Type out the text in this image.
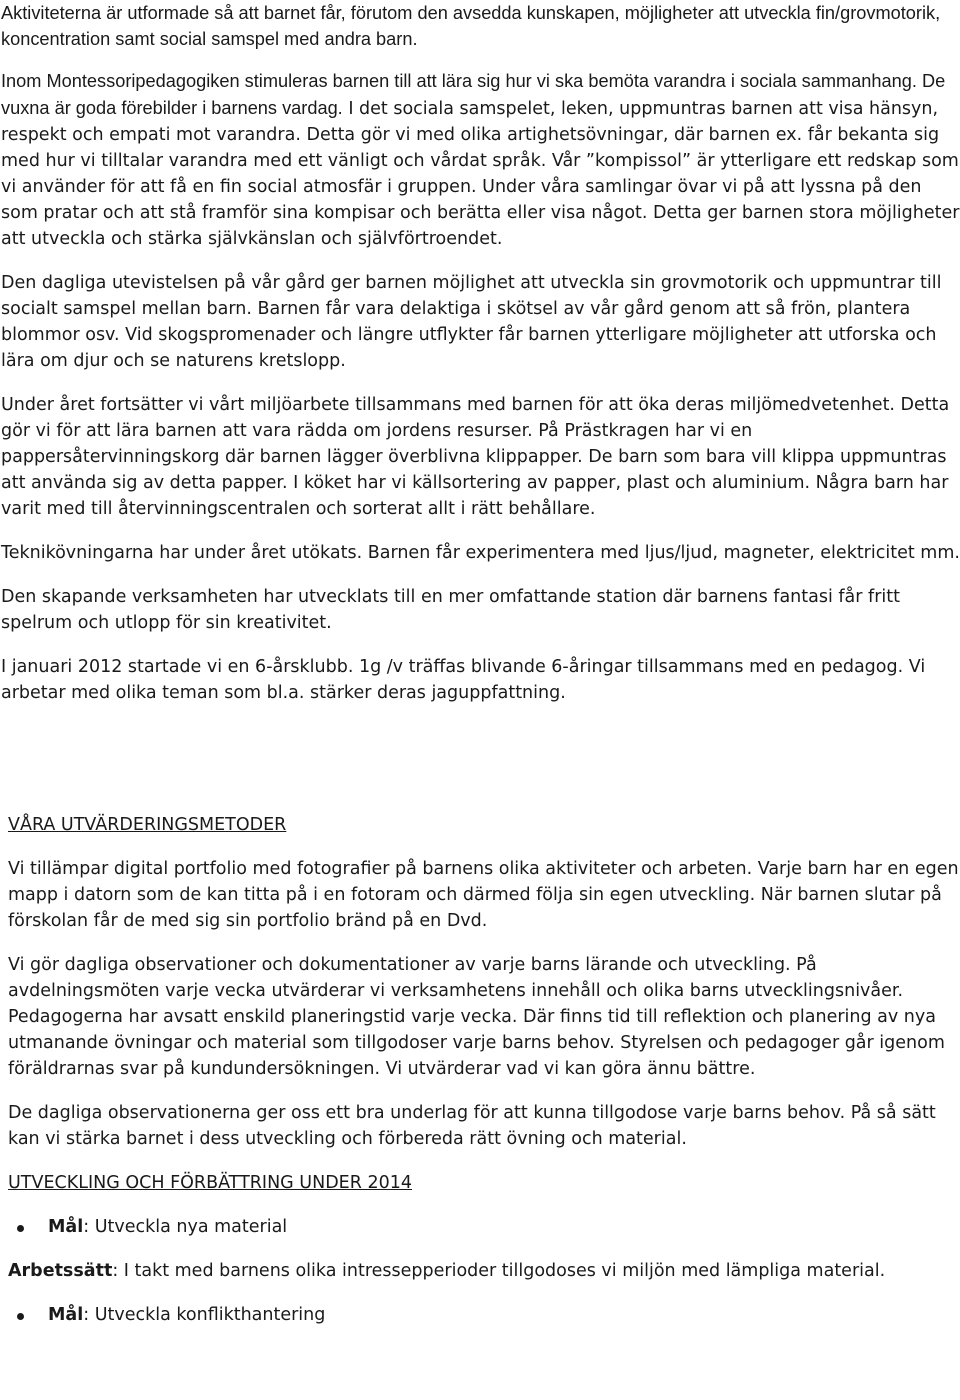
Aktiviteterna är utformade så att barnet får, förutom den avsedda kunskapen, möjligheter att utveckla fin/grovmotorik, koncentration samt social samspel med andra barn.

Inom Montessoripedagogiken stimuleras barnen till att lära sig hur vi ska bemöta varandra i sociala sammanhang. De vuxna är goda förebilder i barnens vardag. I det sociala samspelet, leken, uppmuntras barnen att visa hänsyn, respekt och empati mot varandra. Detta gör vi med olika artighetsövningar, där barnen ex. får bekanta sig med hur vi tilltalar varandra med ett vänligt och vårdat språk. Vår ”kompissol” är ytterligare ett redskap som vi använder för att få en fin social atmosfär i gruppen. Under våra samlingar övar vi på att lyssna på den som pratar och att stå framför sina kompisar och berätta eller visa något. Detta ger barnen stora möjligheter att utveckla och stärka självkänslan och självförtroendet.

Den dagliga utevistelsen på vår gård ger barnen möjlighet att utveckla sin grovmotorik och uppmuntrar till socialt samspel mellan barn. Barnen får vara delaktiga i skötsel av vår gård genom att så frön, plantera blommor osv. Vid skogspromenader och längre utflykter får barnen ytterligare möjligheter att utforska och lära om djur och se naturens kretslopp.

Under året fortsätter vi vårt miljöarbete tillsammans med barnen för att öka deras miljömedvetenhet. Detta gör vi för att lära barnen att vara rädda om jordens resurser. På Prästkragen har vi en pappersåtervinningskorg där barnen lägger överblivna klippapper. De barn som bara vill klippa uppmuntras att använda sig av detta papper. I köket har vi källsortering av papper, plast och aluminium. Några barn har varit med till återvinningscentralen och sorterat allt i rätt behållare.

Teknikövningarna har under året utökats. Barnen får experimentera med ljus/ljud, magneter, elektricitet mm.

Den skapande verksamheten har utvecklats till en mer omfattande station där barnens fantasi får fritt spelrum och utlopp för sin kreativitet.

I januari 2012 startade vi en 6-årsklubb. 1g /v träffas blivande 6-åringar tillsammans med en pedagog. Vi arbetar med olika teman som bl.a. stärker deras jaguppfattning.

VÅRA UTVÄRDERINGSMETODER

Vi tillämpar digital portfolio med fotografier på barnens olika aktiviteter och arbeten. Varje barn har en egen mapp i datorn som de kan titta på i en fotoram och därmed följa sin egen utveckling. När barnen slutar på förskolan får de med sig sin portfolio bränd på en Dvd.

Vi gör dagliga observationer och dokumentationer av varje barns lärande och utveckling. På avdelningsmöten varje vecka utvärderar vi verksamhetens innehåll och olika barns utvecklingsnivåer. Pedagogerna har avsatt enskild planeringstid varje vecka. Där finns tid till reflektion och planering av nya utmanande övningar och material som tillgodoser varje barns behov. Styrelsen och pedagoger går igenom föräldrarnas svar på kundundersökningen. Vi utvärderar vad vi kan göra ännu bättre.

De dagliga observationerna ger oss ett bra underlag för att kunna tillgodose varje barns behov. På så sätt kan vi stärka barnet i dess utveckling och förbereda rätt övning och material.

UTVECKLING OCH FÖRBÄTTRING UNDER 2014

Mål: Utveckla nya material

Arbetssätt: I takt med barnens olika intressepperioder tillgodoses vi miljön med lämpliga material.

Mål: Utveckla konflikthantering
